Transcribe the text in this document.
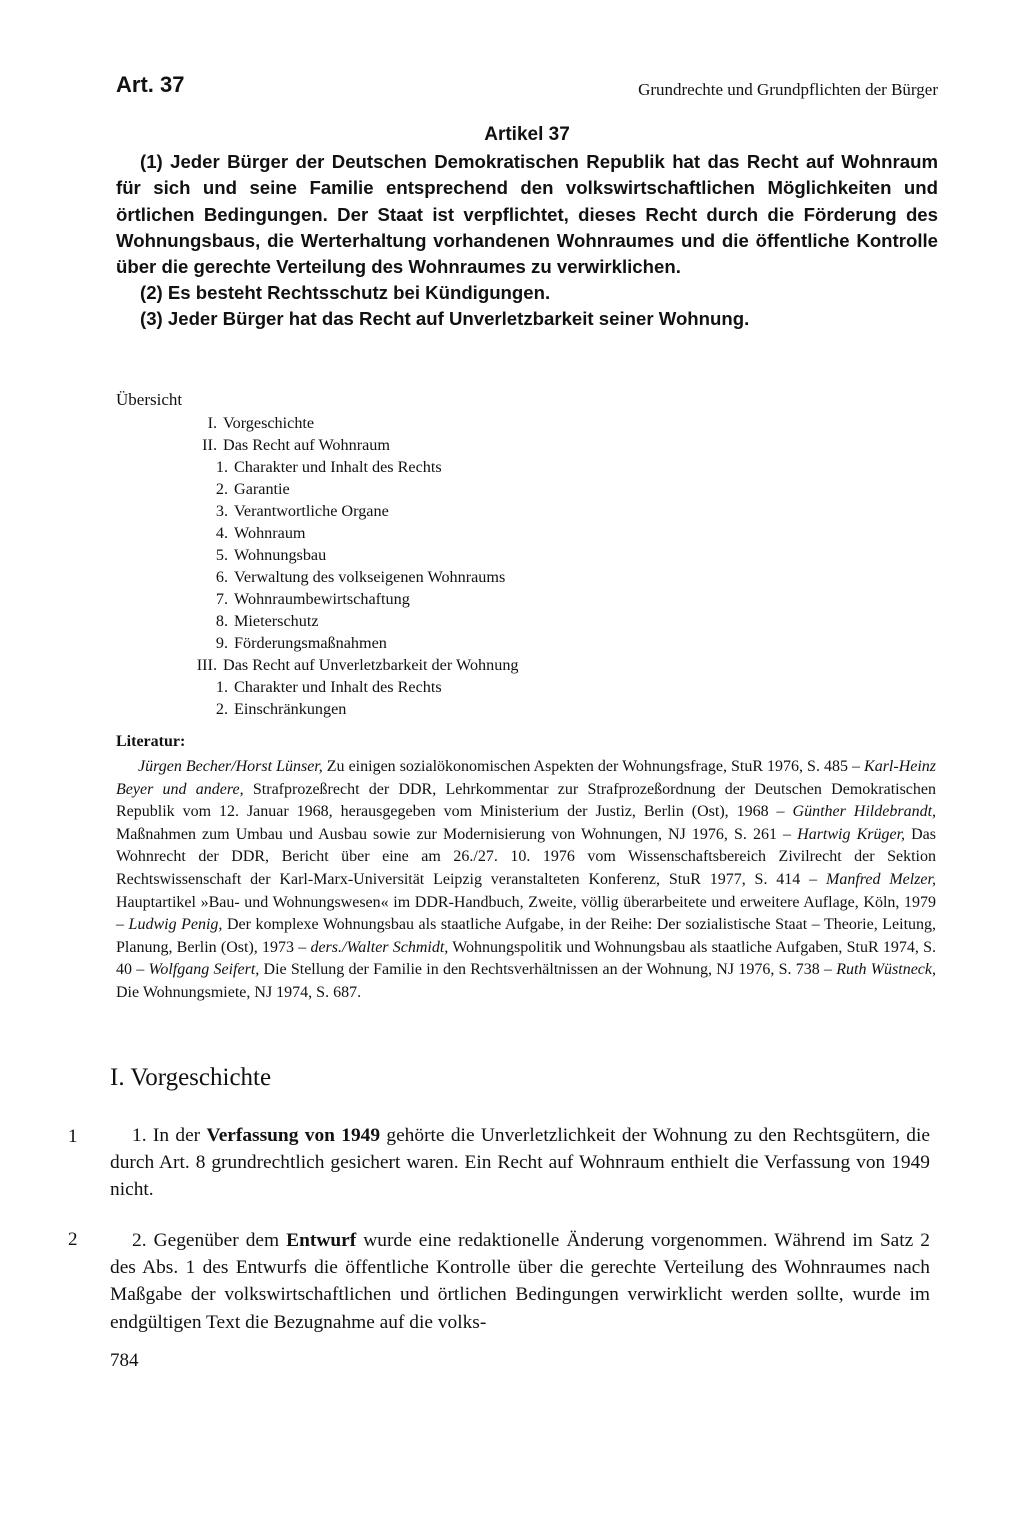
Art. 37	Grundrechte und Grundpflichten der Bürger
Artikel 37

(1) Jeder Bürger der Deutschen Demokratischen Republik hat das Recht auf Wohnraum für sich und seine Familie entsprechend den volkswirtschaftlichen Möglichkeiten und örtlichen Bedingungen. Der Staat ist verpflichtet, dieses Recht durch die Förderung des Wohnungsbaus, die Werterhaltung vorhandenen Wohnraumes und die öffentliche Kontrolle über die gerechte Verteilung des Wohnraumes zu verwirklichen.

(2) Es besteht Rechtsschutz bei Kündigungen.

(3) Jeder Bürger hat das Recht auf Unverletzbarkeit seiner Wohnung.

Übersicht
I. Vorgeschichte
II. Das Recht auf Wohnraum
1. Charakter und Inhalt des Rechts
2. Garantie
3. Verantwortliche Organe
4. Wohnraum
5. Wohnungsbau
6. Verwaltung des volkseigenen Wohnraums
7. Wohnraumbewirtschaftung
8. Mieterschutz
9. Förderungsmaßnahmen
III. Das Recht auf Unverletzbarkeit der Wohnung
1. Charakter und Inhalt des Rechts
2. Einschränkungen
Literatur:
Jürgen Becher/Horst Lünser, Zu einigen sozialökonomischen Aspekten der Wohnungsfrage, StuR 1976, S. 485 – Karl-Heinz Beyer und andere, Strafprozeßrecht der DDR, Lehrkommentar zur Strafprozeßordnung der Deutschen Demokratischen Republik vom 12. Januar 1968, herausgegeben vom Ministerium der Justiz, Berlin (Ost), 1968 – Günther Hildebrandt, Maßnahmen zum Umbau und Ausbau sowie zur Modernisierung von Wohnungen, NJ 1976, S. 261 – Hartwig Krüger, Das Wohnrecht der DDR, Bericht über eine am 26./27. 10. 1976 vom Wissenschaftsbereich Zivilrecht der Sektion Rechtswissenschaft der Karl-Marx-Universität Leipzig veranstalteten Konferenz, StuR 1977, S. 414 – Manfred Melzer, Hauptartikel »Bau- und Wohnungswesen« im DDR-Handbuch, Zweite, völlig überarbeitete und erweitere Auflage, Köln, 1979 – Ludwig Penig, Der komplexe Wohnungsbau als staatliche Aufgabe, in der Reihe: Der sozialistische Staat – Theorie, Leitung, Planung, Berlin (Ost), 1973 – ders./Walter Schmidt, Wohnungspolitik und Wohnungsbau als staatliche Aufgaben, StuR 1974, S. 40 – Wolfgang Seifert, Die Stellung der Familie in den Rechtsverhältnissen an der Wohnung, NJ 1976, S. 738 – Ruth Wüstneck, Die Wohnungsmiete, NJ 1974, S. 687.
I. Vorgeschichte
1	1. In der Verfassung von 1949 gehörte die Unverletzlichkeit der Wohnung zu den Rechtsgütern, die durch Art. 8 grundrechtlich gesichert waren. Ein Recht auf Wohnraum enthielt die Verfassung von 1949 nicht.
2	2. Gegenüber dem Entwurf wurde eine redaktionelle Änderung vorgenommen. Während im Satz 2 des Abs. 1 des Entwurfs die öffentliche Kontrolle über die gerechte Verteilung des Wohnraumes nach Maßgabe der volkswirtschaftlichen und örtlichen Bedingungen verwirklicht werden sollte, wurde im endgültigen Text die Bezugnahme auf die volks-
784
